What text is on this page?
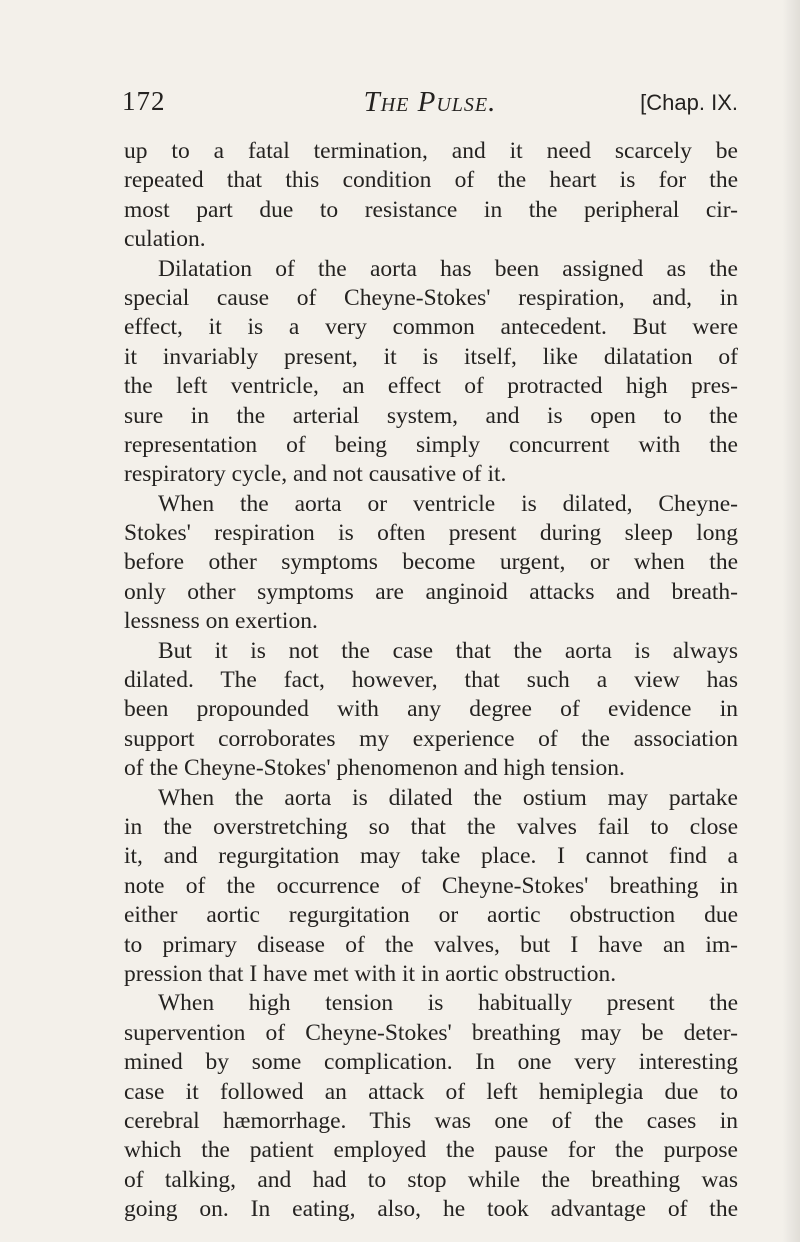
172	The Pulse.	[Chap. IX.
up to a fatal termination, and it need scarcely be
repeated that this condition of the heart is for the
most part due to resistance in the peripheral cir-
culation.
Dilatation of the aorta has been assigned as the
special cause of Cheyne-Stokes' respiration, and, in
effect, it is a very common antecedent. But were
it invariably present, it is itself, like dilatation of
the left ventricle, an effect of protracted high pres-
sure in the arterial system, and is open to the
representation of being simply concurrent with the
respiratory cycle, and not causative of it.
When the aorta or ventricle is dilated, Cheyne-
Stokes' respiration is often present during sleep long
before other symptoms become urgent, or when the
only other symptoms are anginoid attacks and breath-
lessness on exertion.
But it is not the case that the aorta is always
dilated. The fact, however, that such a view has
been propounded with any degree of evidence in
support corroborates my experience of the association
of the Cheyne-Stokes' phenomenon and high tension.
When the aorta is dilated the ostium may partake
in the overstretching so that the valves fail to close
it, and regurgitation may take place. I cannot find a
note of the occurrence of Cheyne-Stokes' breathing in
either aortic regurgitation or aortic obstruction due
to primary disease of the valves, but I have an im-
pression that I have met with it in aortic obstruction.
When high tension is habitually present the
supervention of Cheyne-Stokes' breathing may be deter-
mined by some complication. In one very interesting
case it followed an attack of left hemiplegia due to
cerebral hæmorrhage. This was one of the cases in
which the patient employed the pause for the purpose
of talking, and had to stop while the breathing was
going on. In eating, also, he took advantage of the
